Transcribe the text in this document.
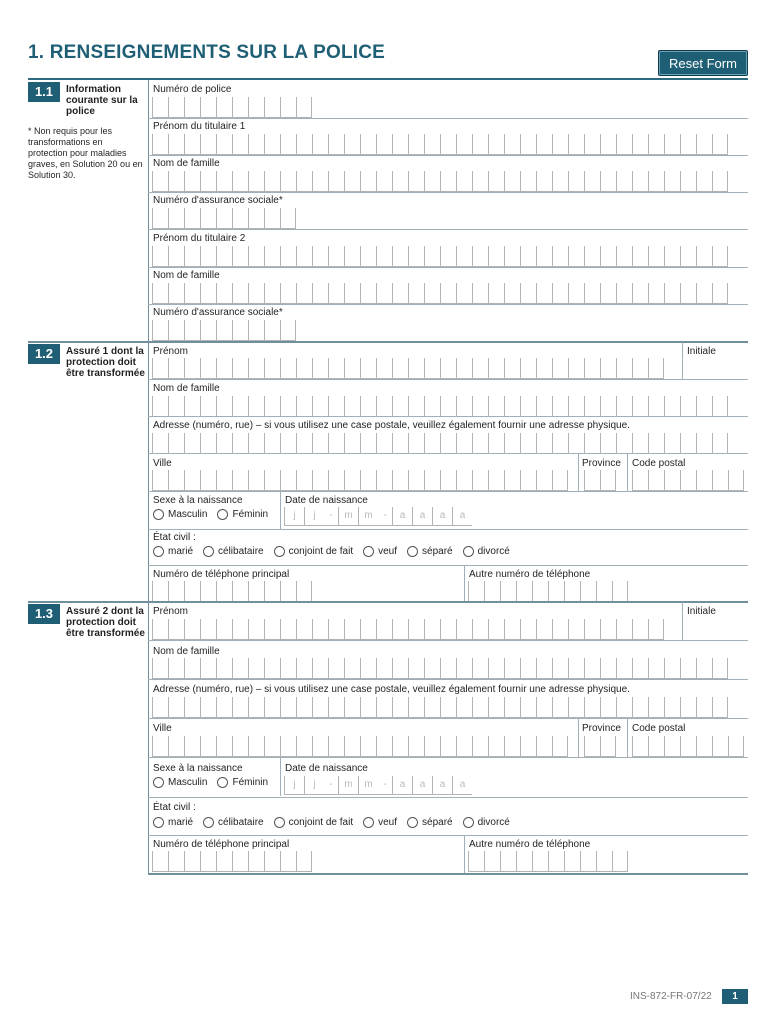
1. RENSEIGNEMENTS SUR LA POLICE	Reset Form
1.1	Information courante sur la police
* Non requis pour les transformations en protection pour maladies graves, en Solution 20 ou en Solution 30.
Numéro de police
Prénom du titulaire 1
Nom de famille
Numéro d'assurance sociale*
Prénom du titulaire 2
Nom de famille
Numéro d'assurance sociale*
1.2	Assuré 1 dont la protection doit être transformée
Prénom	Initiale
Nom de famille
Adresse (numéro, rue) – si vous utilisez une case postale, veuillez également fournir une adresse physique.
Ville	Province Code postal
Sexe à la naissance
Masculin	Féminin
Date de naissance
j	j	-	m	m	-	a	a	a	a
État civil :
marié	célibataire	conjoint de fait	veuf	séparé	divorcé
Numéro de téléphone principal	Autre numéro de téléphone
1.3	Assuré 2 dont la protection doit être transformée
Prénom	Initiale
Nom de famille
Adresse (numéro, rue) – si vous utilisez une case postale, veuillez également fournir une adresse physique.
Ville	Province Code postal
Sexe à la naissance
Masculin	Féminin
Date de naissance
j	j	-	m	m	-	a	a	a	a
État civil :
marié	célibataire	conjoint de fait	veuf	séparé	divorcé
Numéro de téléphone principal	Autre numéro de téléphone
INS-872-FR-07/22	1
